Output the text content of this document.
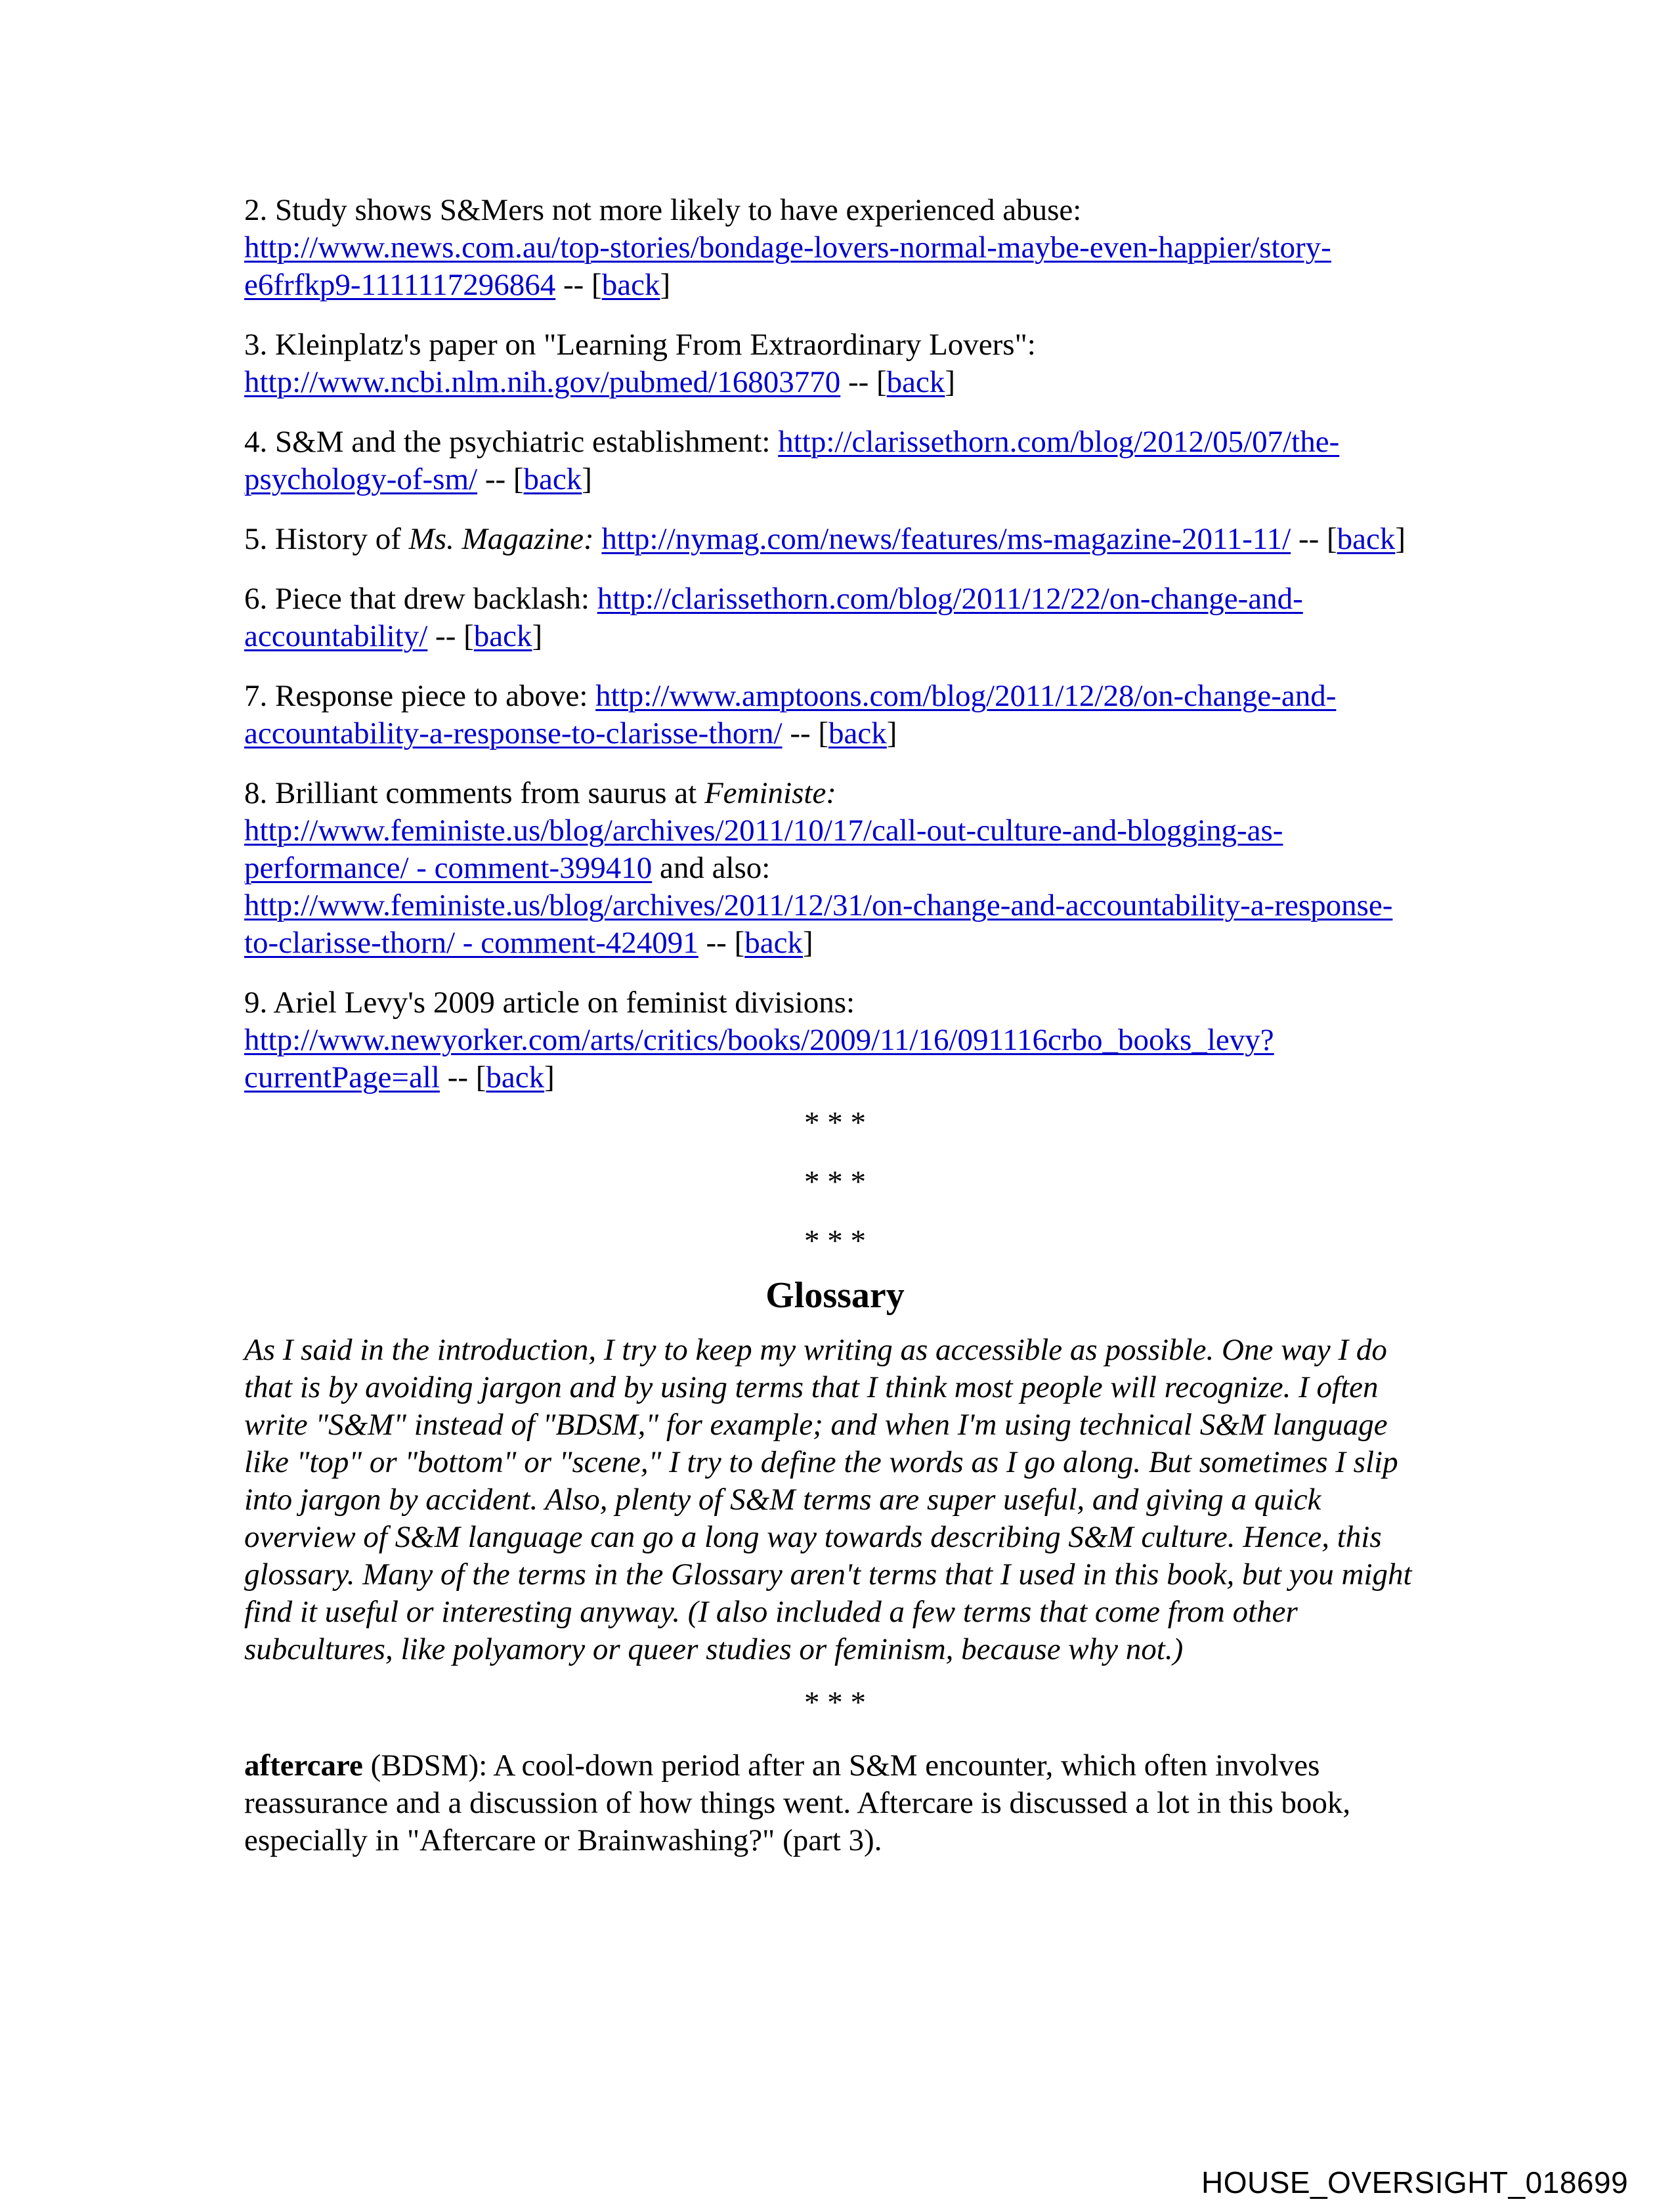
2. Study shows S&Mers not more likely to have experienced abuse:
http://www.news.com.au/top-stories/bondage-lovers-normal-maybe-even-happier/story-e6frfkp9-1111117296864 -- [back]

3. Kleinplatz's paper on "Learning From Extraordinary Lovers":
http://www.ncbi.nlm.nih.gov/pubmed/16803770 -- [back]

4. S&M and the psychiatric establishment: http://clarissethorn.com/blog/2012/05/07/the-psychology-of-sm/ -- [back]

5. History of Ms. Magazine: http://nymag.com/news/features/ms-magazine-2011-11/ -- [back]

6. Piece that drew backlash: http://clarissethorn.com/blog/2011/12/22/on-change-and-accountability/ -- [back]

7. Response piece to above: http://www.amptoons.com/blog/2011/12/28/on-change-and-accountability-a-response-to-clarisse-thorn/ -- [back]

8. Brilliant comments from saurus at Feministe:
http://www.feministe.us/blog/archives/2011/10/17/call-out-culture-and-blogging-as-performance/ - comment-399410 and also:
http://www.feministe.us/blog/archives/2011/12/31/on-change-and-accountability-a-response-to-clarisse-thorn/ - comment-424091 -- [back]

9. Ariel Levy's 2009 article on feminist divisions: http://www.newyorker.com/arts/critics/books/2009/11/16/091116crbo_books_levy?currentPage=all -- [back]

* * *

* * *

* * *

Glossary

As I said in the introduction, I try to keep my writing as accessible as possible. One way I do that is by avoiding jargon and by using terms that I think most people will recognize. I often write "S&M" instead of "BDSM," for example; and when I'm using technical S&M language like "top" or "bottom" or "scene," I try to define the words as I go along. But sometimes I slip into jargon by accident. Also, plenty of S&M terms are super useful, and giving a quick overview of S&M language can go a long way towards describing S&M culture. Hence, this glossary. Many of the terms in the Glossary aren't terms that I used in this book, but you might find it useful or interesting anyway. (I also included a few terms that come from other subcultures, like polyamory or queer studies or feminism, because why not.)

* * *

aftercare (BDSM): A cool-down period after an S&M encounter, which often involves reassurance and a discussion of how things went. Aftercare is discussed a lot in this book, especially in "Aftercare or Brainwashing?" (part 3).

HOUSE_OVERSIGHT_018699
